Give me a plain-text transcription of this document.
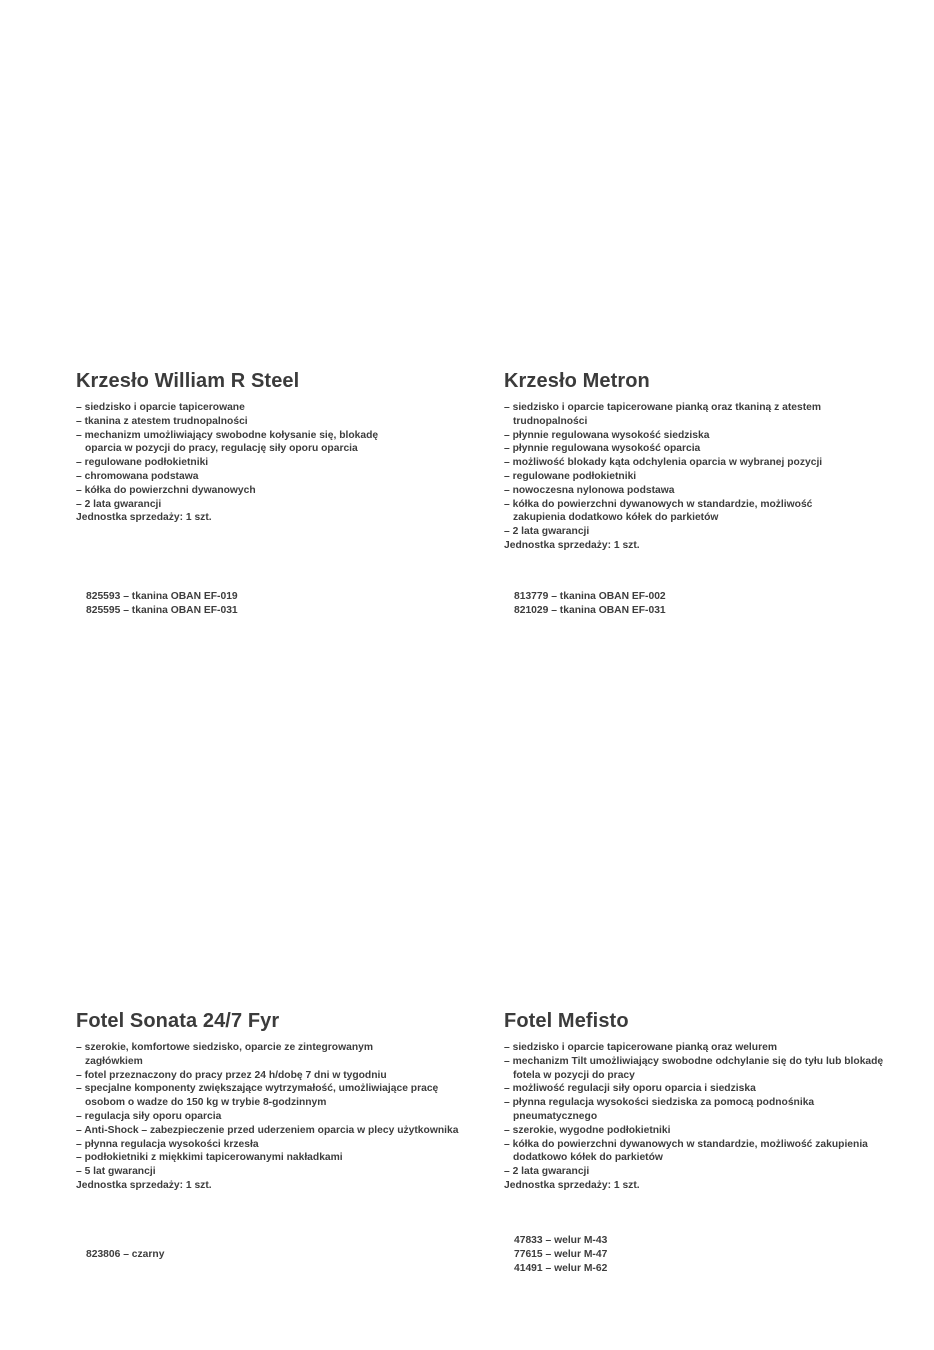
Krzesło William R Steel
– siedzisko i oparcie tapicerowane
– tkanina z atestem trudnopalności
– mechanizm umożliwiający swobodne kołysanie się, blokadę oparcia w pozycji do pracy, regulację siły oporu oparcia
– regulowane podłokietniki
– chromowana podstawa
– kółka do powierzchni dywanowych
– 2 lata gwarancji

Jednostka sprzedaży: 1 szt.

825593 – tkanina OBAN EF-019
825595 – tkanina OBAN EF-031
Krzesło Metron
– siedzisko i oparcie tapicerowane pianką oraz tkaniną z atestem trudnopalności
– płynnie regulowana wysokość siedziska
– płynnie regulowana wysokość oparcia
– możliwość blokady kąta odchylenia oparcia w wybranej pozycji
– regulowane podłokietniki
– nowoczesna nylonowa podstawa
– kółka do powierzchni dywanowych w standardzie, możliwość zakupienia dodatkowo kółek do parkietów
– 2 lata gwarancji

Jednostka sprzedaży: 1 szt.

813779 – tkanina OBAN EF-002
821029 – tkanina OBAN EF-031
Fotel Sonata 24/7 Fyr
– szerokie, komfortowe siedzisko, oparcie ze zintegrowanym zagłówkiem
– fotel przeznaczony do pracy przez 24 h/dobę 7 dni w tygodniu
– specjalne komponenty zwiększające wytrzymałość, umożliwiające pracę osobom o wadze do 150 kg w trybie 8-godzinnym
– regulacja siły oporu oparcia
– Anti-Shock – zabezpieczenie przed uderzeniem oparcia w plecy użytkownika
– płynna regulacja wysokości krzesła
– podłokietniki z miękkimi tapicerowanymi nakładkami
– 5 lat gwarancji

Jednostka sprzedaży: 1 szt.

823806 – czarny
Fotel Mefisto
– siedzisko i oparcie tapicerowane pianką oraz welurem
– mechanizm Tilt umożliwiający swobodne odchylanie się do tyłu lub blokadę fotela w pozycji do pracy
– możliwość regulacji siły oporu oparcia i siedziska
– płynna regulacja wysokości siedziska za pomocą podnośnika pneumatycznego
– szerokie, wygodne podłokietniki
– kółka do powierzchni dywanowych w standardzie, możliwość zakupienia dodatkowo kółek do parkietów
– 2 lata gwarancji

Jednostka sprzedaży: 1 szt.

47833 – welur M-43
77615 – welur M-47
41491 – welur M-62
